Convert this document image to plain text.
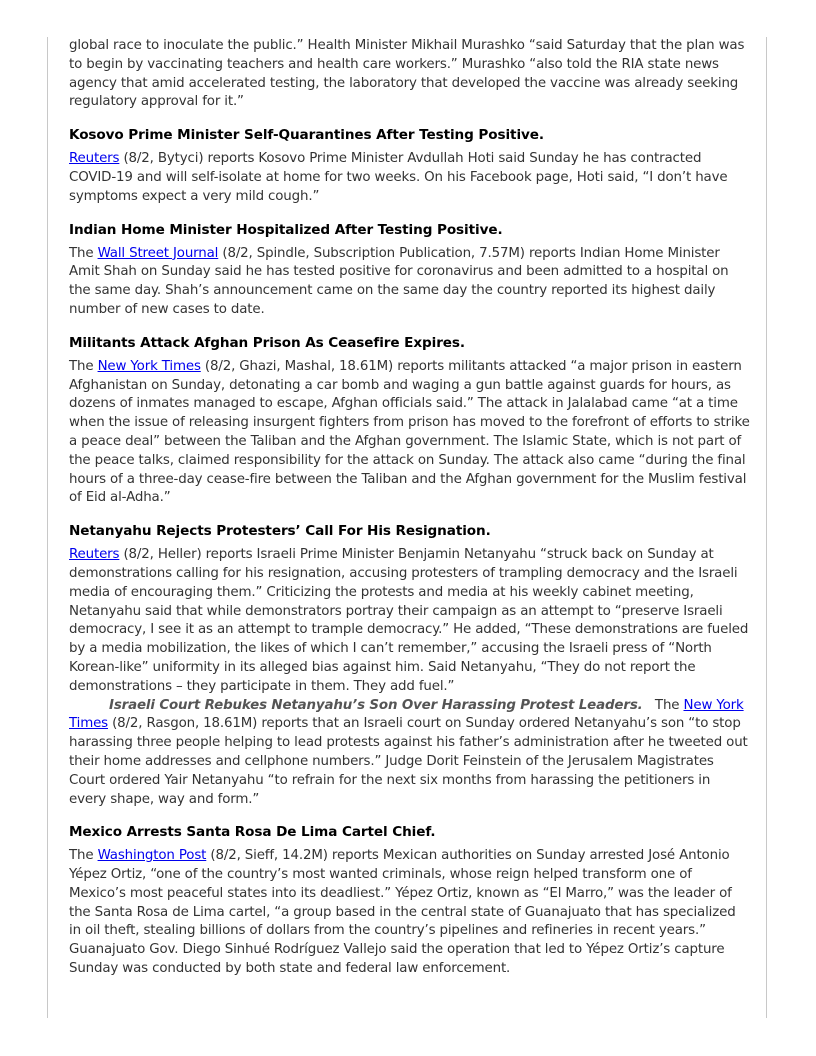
global race to inoculate the public.” Health Minister Mikhail Murashko “said Saturday that the plan was to begin by vaccinating teachers and health care workers.” Murashko “also told the RIA state news agency that amid accelerated testing, the laboratory that developed the vaccine was already seeking regulatory approval for it.”

Kosovo Prime Minister Self-Quarantines After Testing Positive.

Reuters (8/2, Bytyci) reports Kosovo Prime Minister Avdullah Hoti said Sunday he has contracted COVID-19 and will self-isolate at home for two weeks. On his Facebook page, Hoti said, “I don’t have symptoms expect a very mild cough.”

Indian Home Minister Hospitalized After Testing Positive.

The Wall Street Journal (8/2, Spindle, Subscription Publication, 7.57M) reports Indian Home Minister Amit Shah on Sunday said he has tested positive for coronavirus and been admitted to a hospital on the same day. Shah’s announcement came on the same day the country reported its highest daily number of new cases to date.

Militants Attack Afghan Prison As Ceasefire Expires.

The New York Times (8/2, Ghazi, Mashal, 18.61M) reports militants attacked “a major prison in eastern Afghanistan on Sunday, detonating a car bomb and waging a gun battle against guards for hours, as dozens of inmates managed to escape, Afghan officials said.” The attack in Jalalabad came “at a time when the issue of releasing insurgent fighters from prison has moved to the forefront of efforts to strike a peace deal” between the Taliban and the Afghan government. The Islamic State, which is not part of the peace talks, claimed responsibility for the attack on Sunday. The attack also came “during the final hours of a three-day cease-fire between the Taliban and the Afghan government for the Muslim festival of Eid al-Adha.”

Netanyahu Rejects Protesters’ Call For His Resignation.

Reuters (8/2, Heller) reports Israeli Prime Minister Benjamin Netanyahu “struck back on Sunday at demonstrations calling for his resignation, accusing protesters of trampling democracy and the Israeli media of encouraging them.” Criticizing the protests and media at his weekly cabinet meeting, Netanyahu said that while demonstrators portray their campaign as an attempt to “preserve Israeli democracy, I see it as an attempt to trample democracy.” He added, “These demonstrations are fueled by a media mobilization, the likes of which I can’t remember,” accusing the Israeli press of “North Korean-like” uniformity in its alleged bias against him. Said Netanyahu, “They do not report the demonstrations – they participate in them. They add fuel.”

Israeli Court Rebukes Netanyahu’s Son Over Harassing Protest Leaders.   The New York Times (8/2, Rasgon, 18.61M) reports that an Israeli court on Sunday ordered Netanyahu’s son “to stop harassing three people helping to lead protests against his father’s administration after he tweeted out their home addresses and cellphone numbers.” Judge Dorit Feinstein of the Jerusalem Magistrates Court ordered Yair Netanyahu “to refrain for the next six months from harassing the petitioners in every shape, way and form.”

Mexico Arrests Santa Rosa De Lima Cartel Chief.

The Washington Post (8/2, Sieff, 14.2M) reports Mexican authorities on Sunday arrested José Antonio Yépez Ortiz, “one of the country’s most wanted criminals, whose reign helped transform one of Mexico’s most peaceful states into its deadliest.” Yépez Ortiz, known as “El Marro,” was the leader of the Santa Rosa de Lima cartel, “a group based in the central state of Guanajuato that has specialized in oil theft, stealing billions of dollars from the country’s pipelines and refineries in recent years.” Guanajuato Gov. Diego Sinhué Rodríguez Vallejo said the operation that led to Yépez Ortiz’s capture Sunday was conducted by both state and federal law enforcement.
